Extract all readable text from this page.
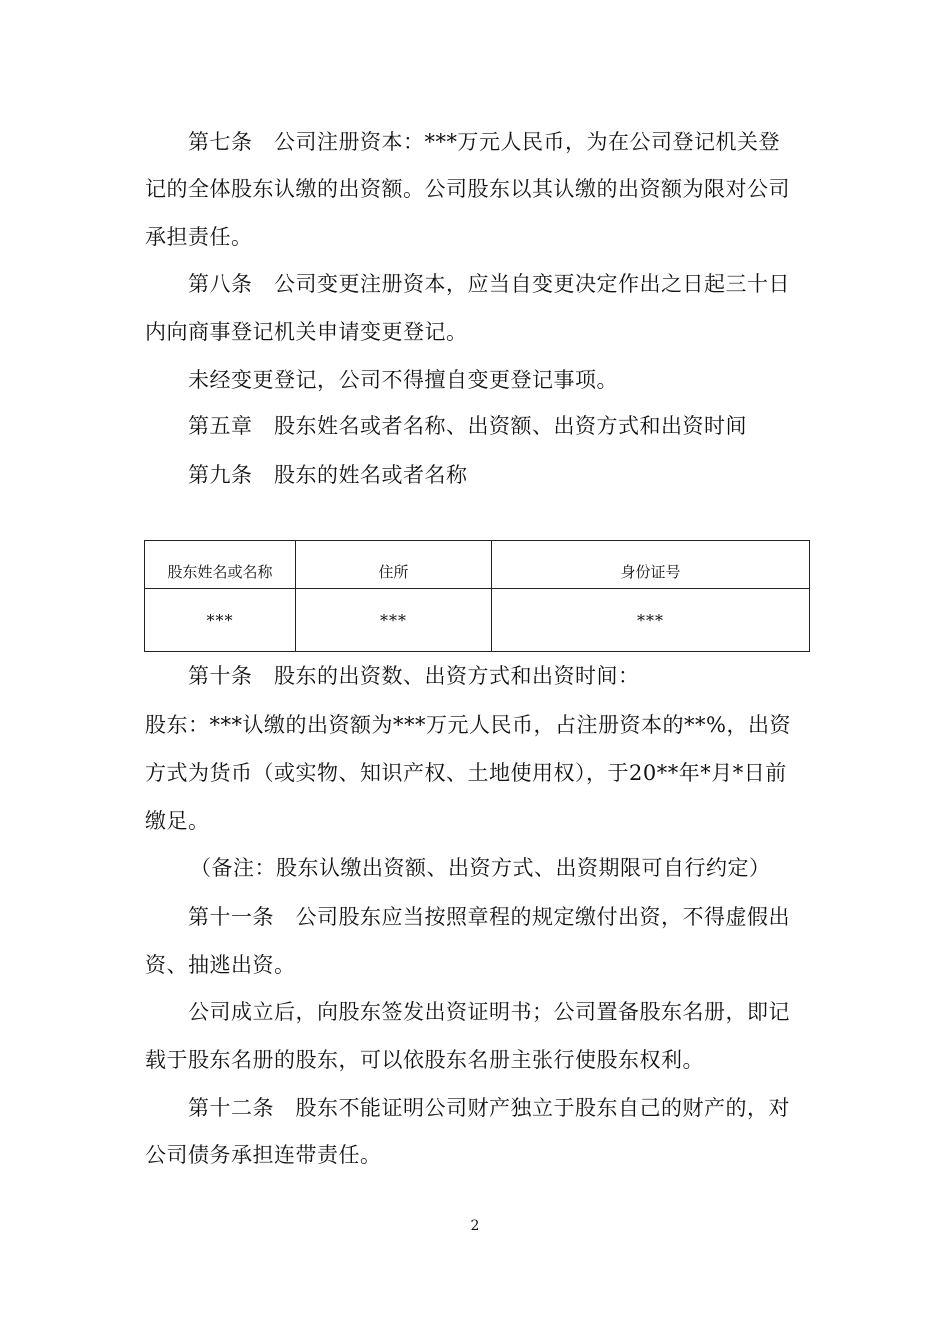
第七条　公司注册资本：***万元人民币，为在公司登记机关登
记的全体股东认缴的出资额。公司股东以其认缴的出资额为限对公司
承担责任。
第八条　公司变更注册资本，应当自变更决定作出之日起三十日
内向商事登记机关申请变更登记。
未经变更登记，公司不得擅自变更登记事项。
第五章　股东姓名或者名称、出资额、出资方式和出资时间
第九条　股东的姓名或者名称
股东姓名或名称	住所	身份证号
***	***	***
第十条　股东的出资数、出资方式和出资时间：
股东：***认缴的出资额为***万元人民币，占注册资本的**%，出资
方式为货币（或实物、知识产权、土地使用权），于20**年*月*日前
缴足。
（备注：股东认缴出资额、出资方式、出资期限可自行约定）
第十一条　公司股东应当按照章程的规定缴付出资，不得虚假出
资、抽逃出资。
公司成立后，向股东签发出资证明书；公司置备股东名册，即记
载于股东名册的股东，可以依股东名册主张行使股东权利。
第十二条　股东不能证明公司财产独立于股东自己的财产的，对
公司债务承担连带责任。
2
